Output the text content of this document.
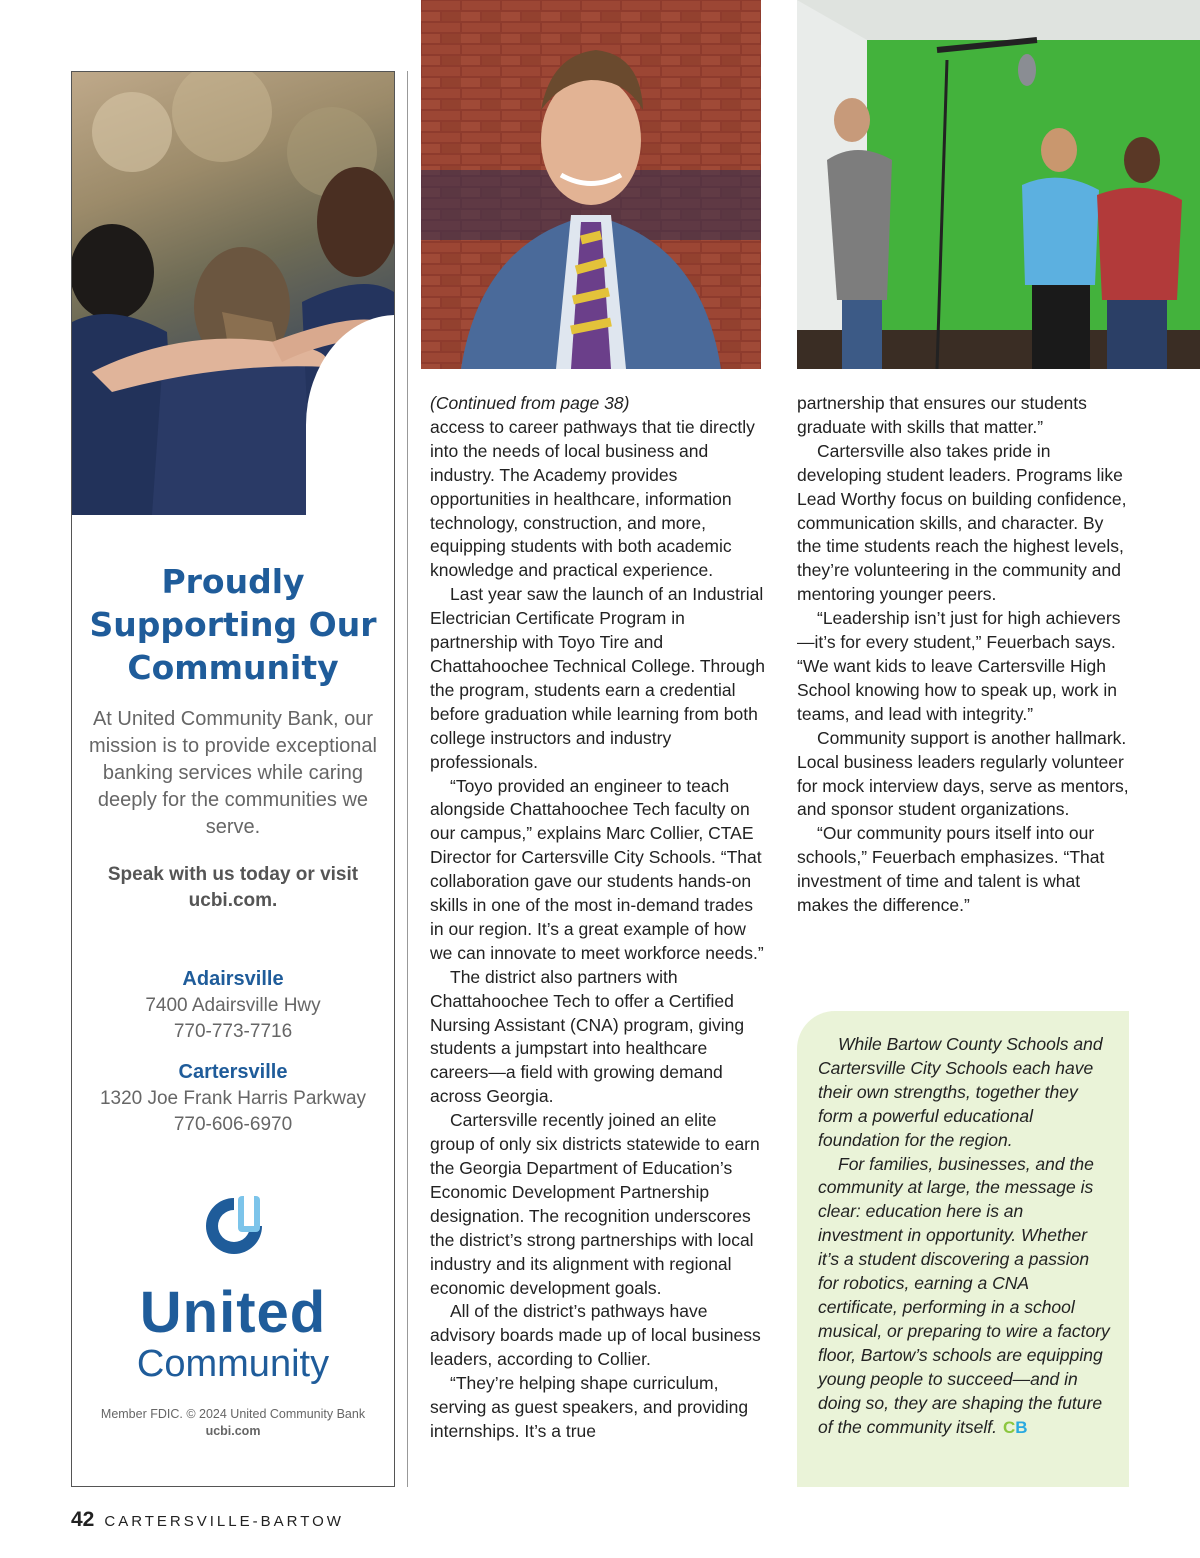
Proudly
Supporting Our
Community
At United Community Bank, our mission is to provide exceptional banking services while caring deeply for the communities we serve.
Speak with us today or visit ucbi.com.
Adairsville
7400 Adairsville Hwy
770-773-7716
Cartersville
1320 Joe Frank Harris Parkway
770-606-6970
United
Community
Member FDIC. © 2024 United Community Bank
ucbi.com
(Continued from page 38)

access to career pathways that tie directly into the needs of local business and industry. The Academy provides opportunities in healthcare, information technology, construction, and more, equipping students with both academic knowledge and practical experience.

Last year saw the launch of an Industrial Electrician Certificate Program in partnership with Toyo Tire and Chattahoochee Technical College. Through the program, students earn a credential before graduation while learning from both college instructors and industry professionals.

“Toyo provided an engineer to teach alongside Chattahoochee Tech faculty on our campus,” explains Marc Collier, CTAE Director for Cartersville City Schools. “That collaboration gave our students hands-on skills in one of the most in-demand trades in our region. It’s a great example of how we can innovate to meet workforce needs.”

The district also partners with Chattahoochee Tech to offer a Certified Nursing Assistant (CNA) program, giving students a jumpstart into healthcare careers—a field with growing demand across Georgia.

Cartersville recently joined an elite group of only six districts statewide to earn the Georgia Department of Education’s Economic Development Partnership designation. The recognition underscores the district’s strong partnerships with local industry and its alignment with regional economic development goals.

All of the district’s pathways have advisory boards made up of local business leaders, according to Collier.

“They’re helping shape curriculum, serving as guest speakers, and providing internships. It’s a true

partnership that ensures our students graduate with skills that matter.”

Cartersville also takes pride in developing student leaders. Programs like Lead Worthy focus on building confidence, communication skills, and character. By the time students reach the highest levels, they’re volunteering in the community and mentoring younger peers.

“Leadership isn’t just for high achievers—it’s for every student,” Feuerbach says. “We want kids to leave Cartersville High School knowing how to speak up, work in teams, and lead with integrity.”

Community support is another hallmark. Local business leaders regularly volunteer for mock interview days, serve as mentors, and sponsor student organizations.

“Our community pours itself into our schools,” Feuerbach emphasizes. “That investment of time and talent is what makes the difference.”

While Bartow County Schools and Cartersville City Schools each have their own strengths, together they form a powerful educational foundation for the region.

For families, businesses, and the community at large, the message is clear: education here is an investment in opportunity. Whether it’s a student discovering a passion for robotics, earning a CNA certificate, performing in a school musical, or preparing to wire a factory floor, Bartow’s schools are equipping young people to succeed—and in doing so, they are shaping the future of the community itself. CB

42 CARTERSVILLE-BARTOW
